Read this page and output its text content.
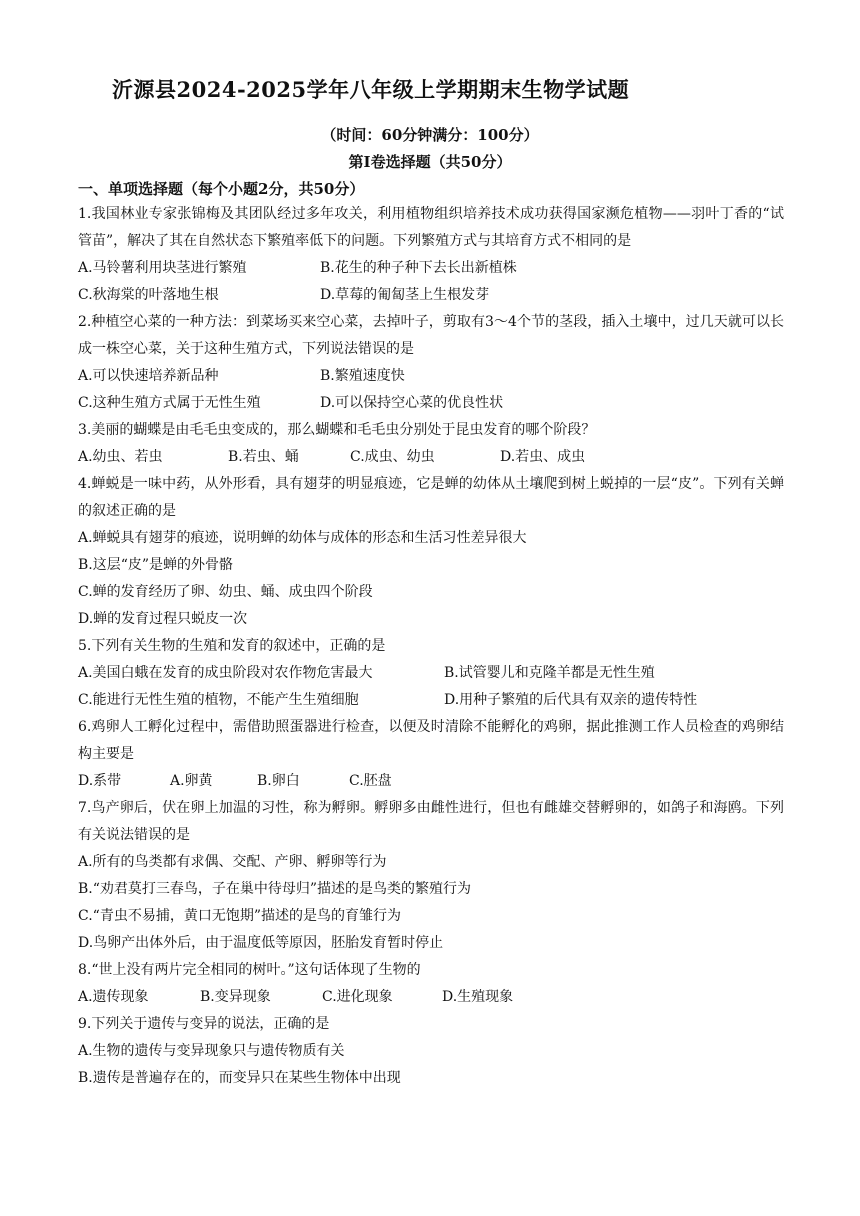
沂源县2024-2025学年八年级上学期期末生物学试题
（时间：60分钟满分：100分）
第Ⅰ卷选择题（共50分）
一、单项选择题（每个小题2分，共50分）

1.我国林业专家张锦梅及其团队经过多年攻关，利用植物组织培养技术成功获得国家濒危植物——羽叶丁香的“试管苗”，解决了其在自然状态下繁殖率低下的问题。下列繁殖方式与其培育方式不相同的是

A.马铃薯利用块茎进行繁殖	B.花生的种子种下去长出新植株
C.秋海棠的叶落地生根	D.草莓的匍匐茎上生根发芽

2.种植空心菜的一种方法：到菜场买来空心菜，去掉叶子，剪取有3～4个节的茎段，插入土壤中，过几天就可以长成一株空心菜，关于这种生殖方式，下列说法错误的是

A.可以快速培养新品种	B.繁殖速度快
C.这种生殖方式属于无性生殖	D.可以保持空心菜的优良性状

3.美丽的蝴蝶是由毛毛虫变成的，那么蝴蝶和毛毛虫分别处于昆虫发育的哪个阶段？

A.幼虫、若虫	B.若虫、蛹	C.成虫、幼虫	D.若虫、成虫

4.蝉蜕是一味中药，从外形看，具有翅芽的明显痕迹，它是蝉的幼体从土壤爬到树上蜕掉的一层“皮”。下列有关蝉的叙述正确的是

A.蝉蜕具有翅芽的痕迹，说明蝉的幼体与成体的形态和生活习性差异很大
B.这层“皮”是蝉的外骨骼
C.蝉的发育经历了卵、幼虫、蛹、成虫四个阶段
D.蝉的发育过程只蜕皮一次

5.下列有关生物的生殖和发育的叙述中，正确的是

A.美国白蛾在发育的成虫阶段对农作物危害最大	B.试管婴儿和克隆羊都是无性生殖
C.能进行无性生殖的植物，不能产生生殖细胞	D.用种子繁殖的后代具有双亲的遗传特性

6.鸡卵人工孵化过程中，需借助照蛋器进行检查，以便及时清除不能孵化的鸡卵，据此推测工作人员检查的鸡卵结构主要是

D.系带	A.卵黄	B.卵白	C.胚盘

7.鸟产卵后，伏在卵上加温的习性，称为孵卵。孵卵多由雌性进行，但也有雌雄交替孵卵的，如鸽子和海鸥。下列有关说法错误的是

A.所有的鸟类都有求偶、交配、产卵、孵卵等行为
B.“劝君莫打三春鸟，子在巢中待母归”描述的是鸟类的繁殖行为
C.“青虫不易捕，黄口无饱期”描述的是鸟的育雏行为
D.鸟卵产出体外后，由于温度低等原因，胚胎发育暂时停止

8.“世上没有两片完全相同的树叶。”这句话体现了生物的

A.遗传现象	B.变异现象	C.进化现象	D.生殖现象

9.下列关于遗传与变异的说法，正确的是

A.生物的遗传与变异现象只与遗传物质有关
B.遗传是普遍存在的，而变异只在某些生物体中出现
